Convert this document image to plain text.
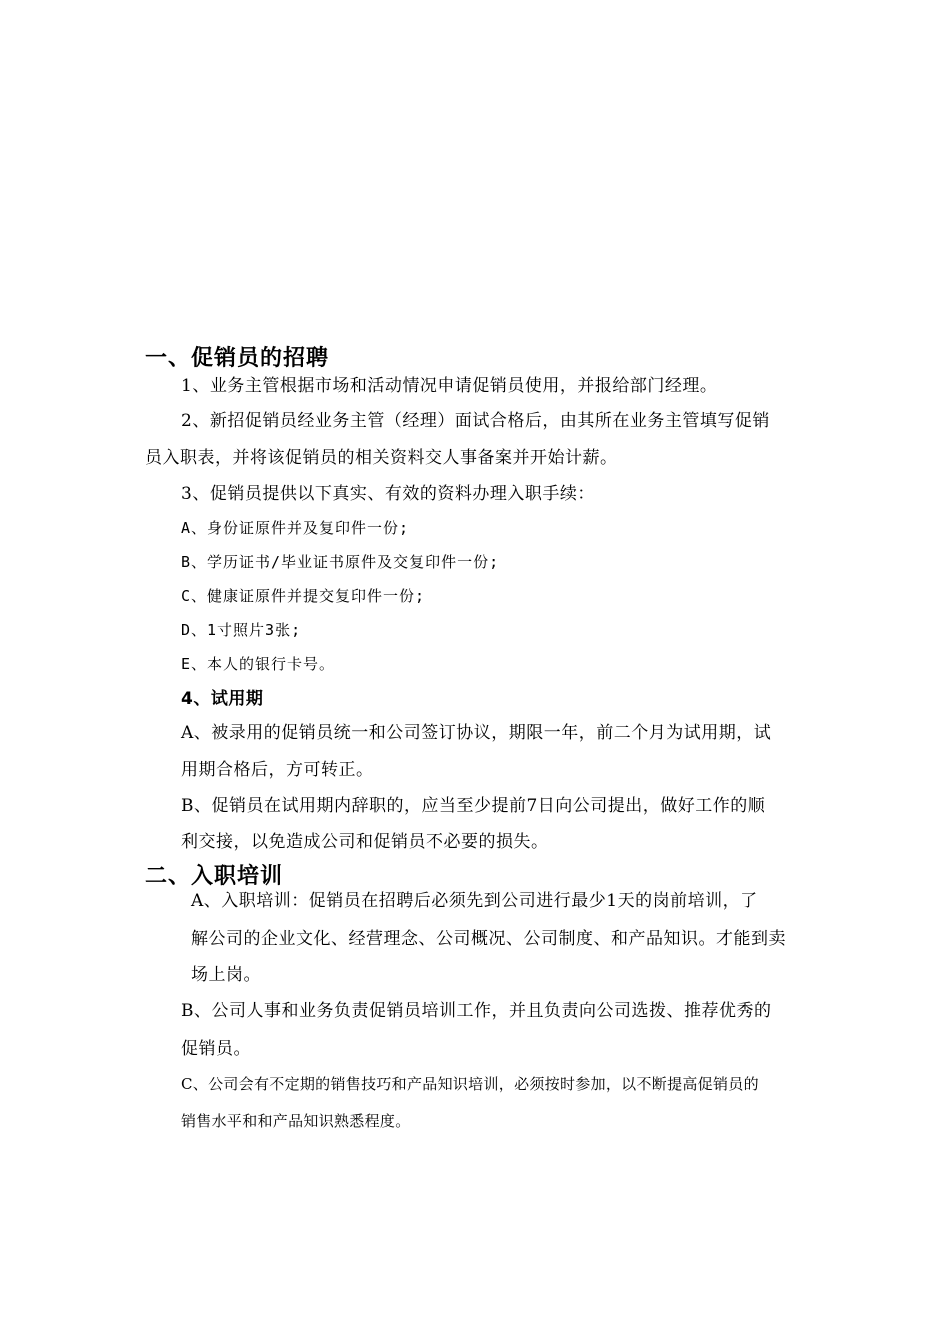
一、促销员的招聘
1、业务主管根据市场和活动情况申请促销员使用，并报给部门经理。
2、新招促销员经业务主管（经理）面试合格后，由其所在业务主管填写促销
员入职表，并将该促销员的相关资料交人事备案并开始计薪。
3、促销员提供以下真实、有效的资料办理入职手续：
A、身份证原件并及复印件一份;
B、学历证书/毕业证书原件及交复印件一份;
C、健康证原件并提交复印件一份;
D、1寸照片3张;
E、本人的银行卡号。
4、试用期
A、被录用的促销员统一和公司签订协议，期限一年，前二个月为试用期，试
用期合格后，方可转正。
B、促销员在试用期内辞职的，应当至少提前7日向公司提出，做好工作的顺
利交接，以免造成公司和促销员不必要的损失。
二、入职培训
A、入职培训：促销员在招聘后必须先到公司进行最少1天的岗前培训，了
解公司的企业文化、经营理念、公司概况、公司制度、和产品知识。才能到卖
场上岗。
B、公司人事和业务负责促销员培训工作，并且负责向公司选拨、推荐优秀的
促销员。
C、公司会有不定期的销售技巧和产品知识培训，必须按时参加，以不断提高促销员的
销售水平和和产品知识熟悉程度。
